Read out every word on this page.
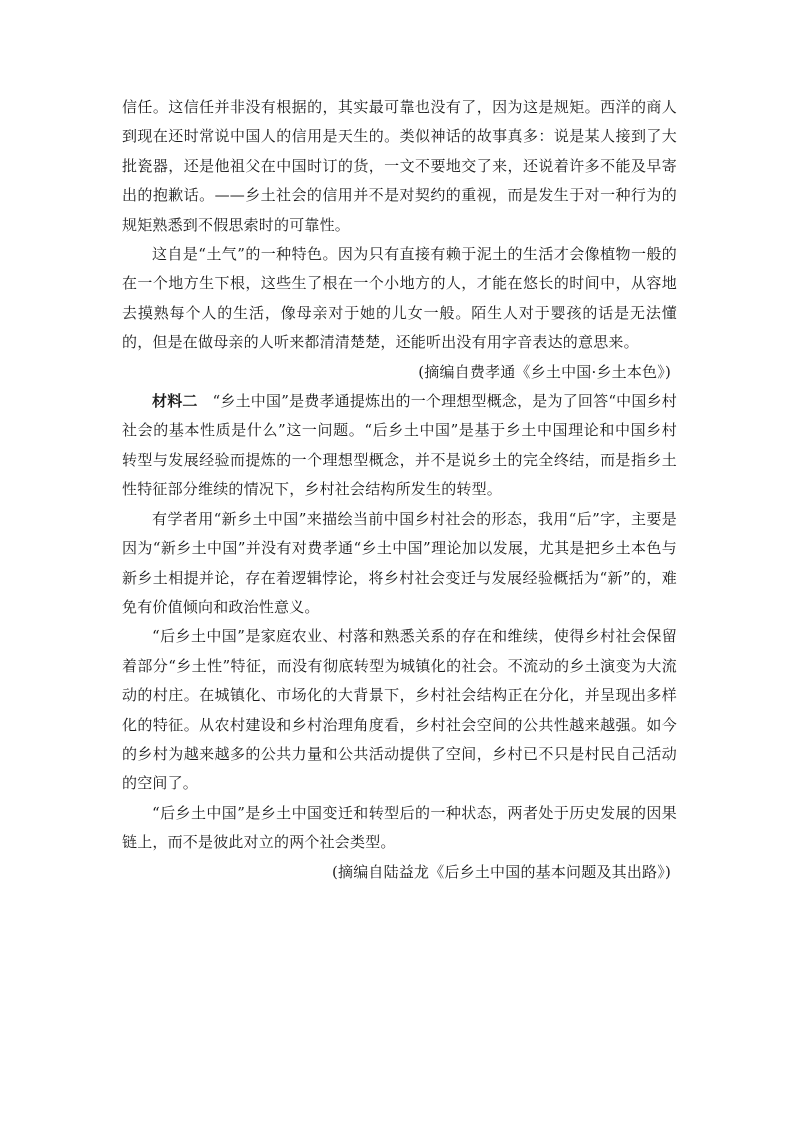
信任。这信任并非没有根据的，其实最可靠也没有了，因为这是规矩。西洋的商人到现在还时常说中国人的信用是天生的。类似神话的故事真多：说是某人接到了大批瓷器，还是他祖父在中国时订的货，一文不要地交了来，还说着许多不能及早寄出的抱歉话。——乡土社会的信用并不是对契约的重视，而是发生于对一种行为的规矩熟悉到不假思索时的可靠性。

这自是“土气”的一种特色。因为只有直接有赖于泥土的生活才会像植物一般的在一个地方生下根，这些生了根在一个小地方的人，才能在悠长的时间中，从容地去摸熟每个人的生活，像母亲对于她的儿女一般。陌生人对于婴孩的话是无法懂的，但是在做母亲的人听来都清清楚楚，还能听出没有用字音表达的意思来。

(摘编自费孝通《乡土中国·乡土本色》)

材料二 “乡土中国”是费孝通提炼出的一个理想型概念，是为了回答“中国乡村社会的基本性质是什么”这一问题。“后乡土中国”是基于乡土中国理论和中国乡村转型与发展经验而提炼的一个理想型概念，并不是说乡土的完全终结，而是指乡土性特征部分维续的情况下，乡村社会结构所发生的转型。

有学者用“新乡土中国”来描绘当前中国乡村社会的形态，我用“后”字，主要是因为“新乡土中国”并没有对费孝通“乡土中国”理论加以发展，尤其是把乡土本色与新乡土相提并论，存在着逻辑悖论，将乡村社会变迁与发展经验概括为“新”的，难免有价值倾向和政治性意义。

“后乡土中国”是家庭农业、村落和熟悉关系的存在和维续，使得乡村社会保留着部分“乡土性”特征，而没有彻底转型为城镇化的社会。不流动的乡土演变为大流动的村庄。在城镇化、市场化的大背景下，乡村社会结构正在分化，并呈现出多样化的特征。从农村建设和乡村治理角度看，乡村社会空间的公共性越来越强。如今的乡村为越来越多的公共力量和公共活动提供了空间，乡村已不只是村民自己活动的空间了。

“后乡土中国”是乡土中国变迁和转型后的一种状态，两者处于历史发展的因果链上，而不是彼此对立的两个社会类型。

(摘编自陆益龙《后乡土中国的基本问题及其出路》)
